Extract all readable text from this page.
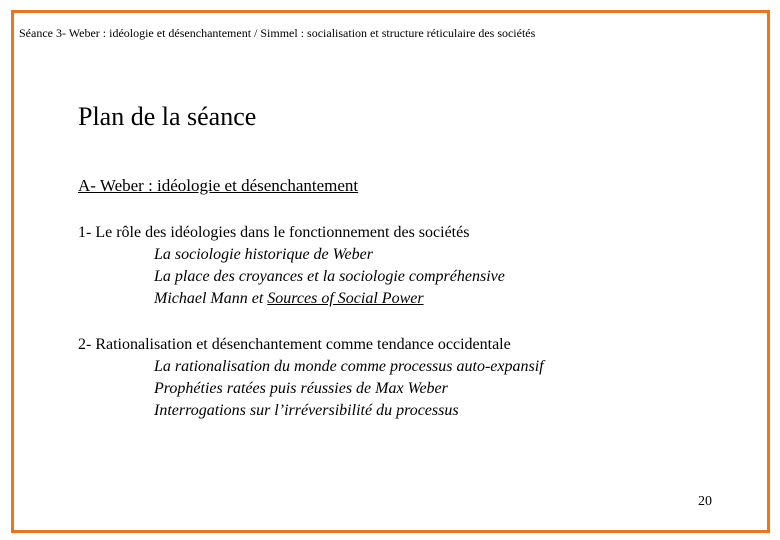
Séance 3- Weber : idéologie et désenchantement / Simmel : socialisation et structure réticulaire des sociétés
Plan de la séance
A- Weber : idéologie et désenchantement
1- Le rôle des idéologies dans le fonctionnement des sociétés
La sociologie historique de Weber
La place des croyances et la sociologie compréhensive
Michael Mann et Sources of Social Power
2- Rationalisation et désenchantement comme tendance occidentale
La rationalisation du monde comme processus auto-expansif
Prophéties ratées puis réussies de Max Weber
Interrogations sur l’irréversibilité du processus
20
